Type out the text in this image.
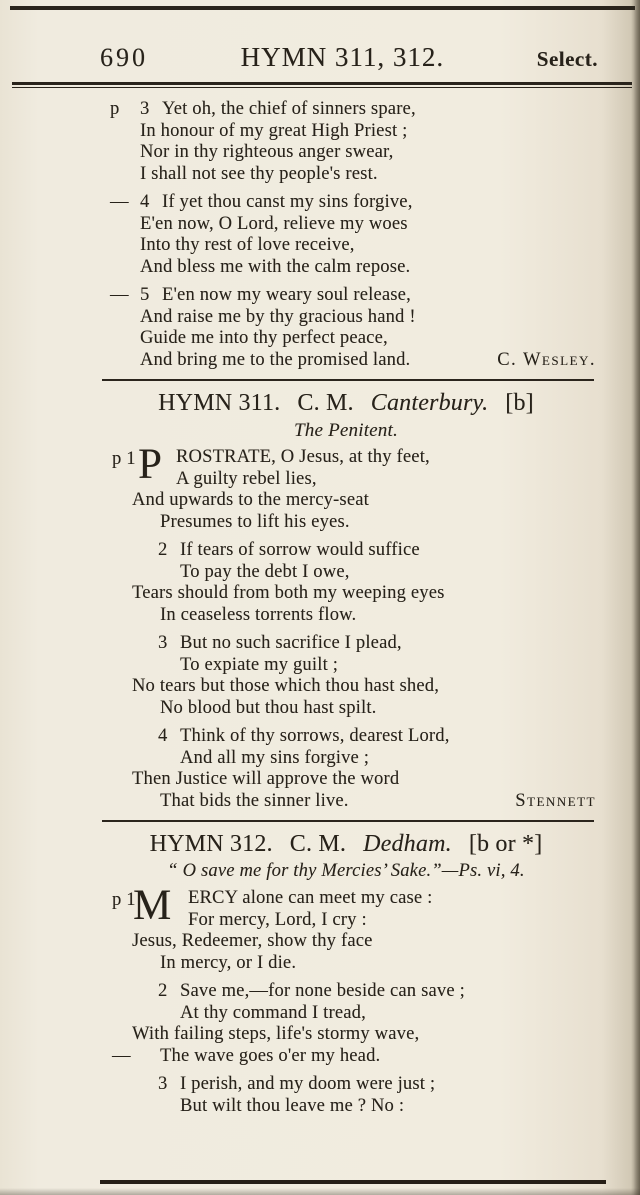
690	HYMN 311, 312.	Select.
p 3 Yet oh, the chief of sinners spare,
In honour of my great High Priest ;
Nor in thy righteous anger swear,
I shall not see thy people's rest.
— 4 If yet thou canst my sins forgive,
E'en now, O Lord, relieve my woes
Into thy rest of love receive,
And bless me with the calm repose.
— 5 E'en now my weary soul release,
And raise me by thy gracious hand !
Guide me into thy perfect peace,
And bring me to the promised land.	C. Wesley.
HYMN 311. C. M. Canterbury. [b]
The Penitent.
p 1 P ROSTRATE, O Jesus, at thy feet,
A guilty rebel lies,
And upwards to the mercy-seat
Presumes to lift his eyes.
2 If tears of sorrow would suffice
To pay the debt I owe,
Tears should from both my weeping eyes
In ceaseless torrents flow.
3 But no such sacrifice I plead,
To expiate my guilt ;
No tears but those which thou hast shed,
No blood but thou hast spilt.
4 Think of thy sorrows, dearest Lord,
And all my sins forgive ;
Then Justice will approve the word
That bids the sinner live.	Stennett
HYMN 312. C. M. Dedham. [b or *]
“ O save me for thy Mercies’ Sake.”—Ps. vi, 4.
p 1
M ERCY alone can meet my case :
For mercy, Lord, I cry :
Jesus, Redeemer, show thy face
In mercy, or I die.
2 Save me,—for none beside can save ;
At thy command I tread,
With failing steps, life's stormy wave,
— The wave goes o'er my head.
3 I perish, and my doom were just ;
But wilt thou leave me ? No :
